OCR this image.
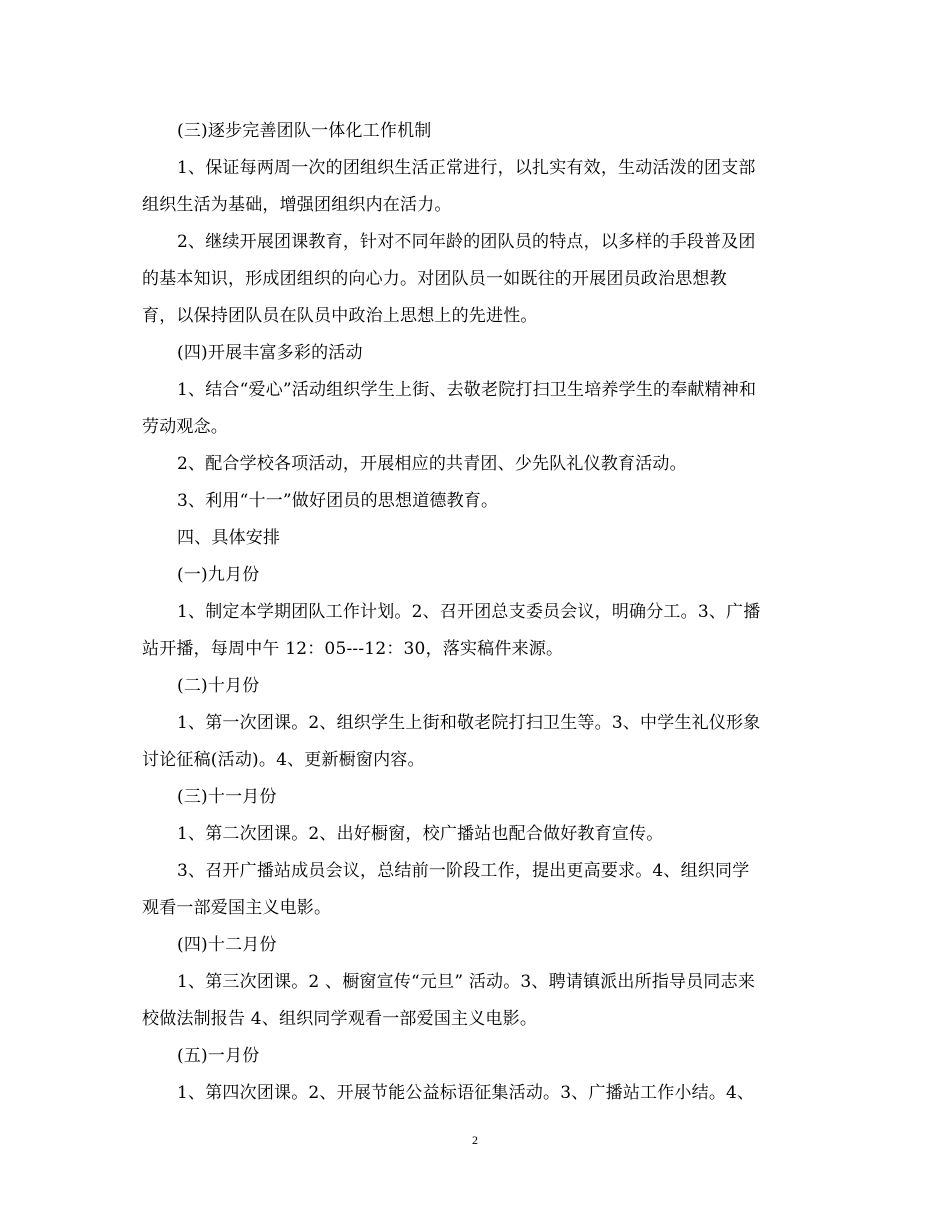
(三)逐步完善团队一体化工作机制
1、保证每两周一次的团组织生活正常进行，以扎实有效，生动活泼的团支部
组织生活为基础，增强团组织内在活力。
2、继续开展团课教育，针对不同年龄的团队员的特点，以多样的手段普及团
的基本知识，形成团组织的向心力。对团队员一如既往的开展团员政治思想教
育，以保持团队员在队员中政治上思想上的先进性。
(四)开展丰富多彩的活动
1、结合“爱心”活动组织学生上街、去敬老院打扫卫生培养学生的奉献精神和
劳动观念。
2、配合学校各项活动，开展相应的共青团、少先队礼仪教育活动。
3、利用“十一”做好团员的思想道德教育。
四、具体安排
(一)九月份
1、制定本学期团队工作计划。2、召开团总支委员会议，明确分工。3、广播
站开播，每周中午 12：05---12：30，落实稿件来源。
(二)十月份
1、第一次团课。2、组织学生上街和敬老院打扫卫生等。3、中学生礼仪形象
讨论征稿(活动)。4、更新橱窗内容。
(三)十一月份
1、第二次团课。2、出好橱窗，校广播站也配合做好教育宣传。
3、召开广播站成员会议，总结前一阶段工作，提出更高要求。4、组织同学
观看一部爱国主义电影。
(四)十二月份
1、第三次团课。2 、橱窗宣传“元旦” 活动。3、聘请镇派出所指导员同志来
校做法制报告 4、组织同学观看一部爱国主义电影。
(五)一月份
1、第四次团课。2、开展节能公益标语征集活动。3、广播站工作小结。4、
2
